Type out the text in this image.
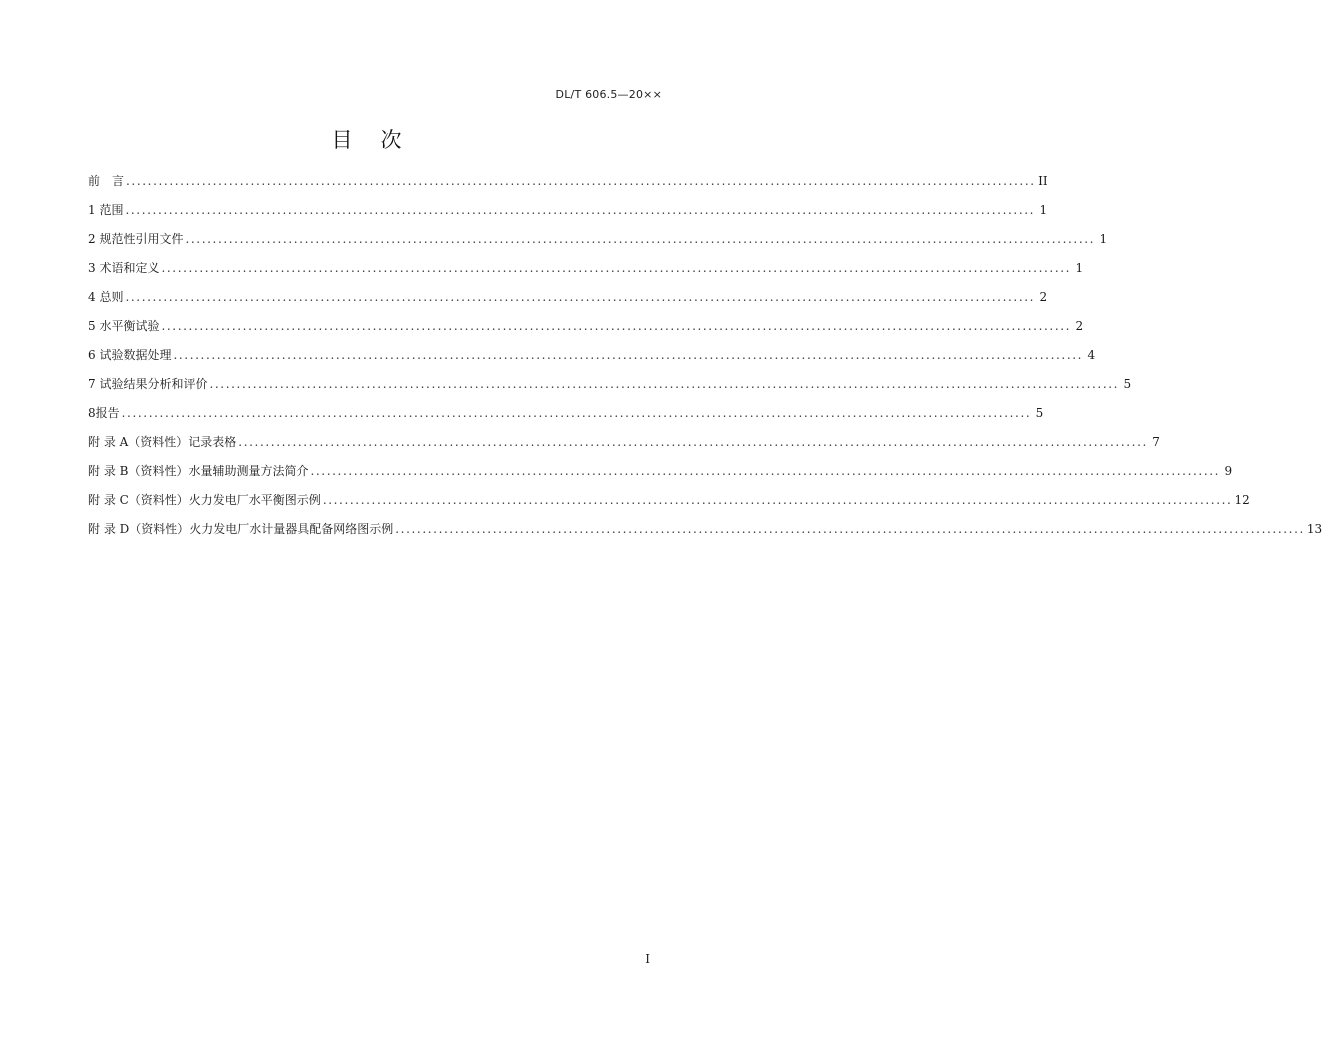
DL/T 606.5—20××
目次
前　言 ........................................................................................................................................................................ II
1 范围 ........................................................................................................................................................................ 1
2 规范性引用文件 ........................................................................................................................................................................ 1
3 术语和定义 ........................................................................................................................................................................ 1
4 总则 ........................................................................................................................................................................ 2
5 水平衡试验 ........................................................................................................................................................................ 2
6 试验数据处理 ........................................................................................................................................................................ 4
7 试验结果分析和评价 ........................................................................................................................................................................ 5
8报告 ........................................................................................................................................................................ 5
附 录 A（资料性）记录表格 ........................................................................................................................................................................ 7
附 录 B（资料性）水量辅助测量方法简介 ........................................................................................................................................................................ 9
附 录 C（资料性）火力发电厂水平衡图示例 ........................................................................................................................................................................ 12
附 录 D（资料性）火力发电厂水计量器具配备网络图示例 ........................................................................................................................................................................ 13
I
